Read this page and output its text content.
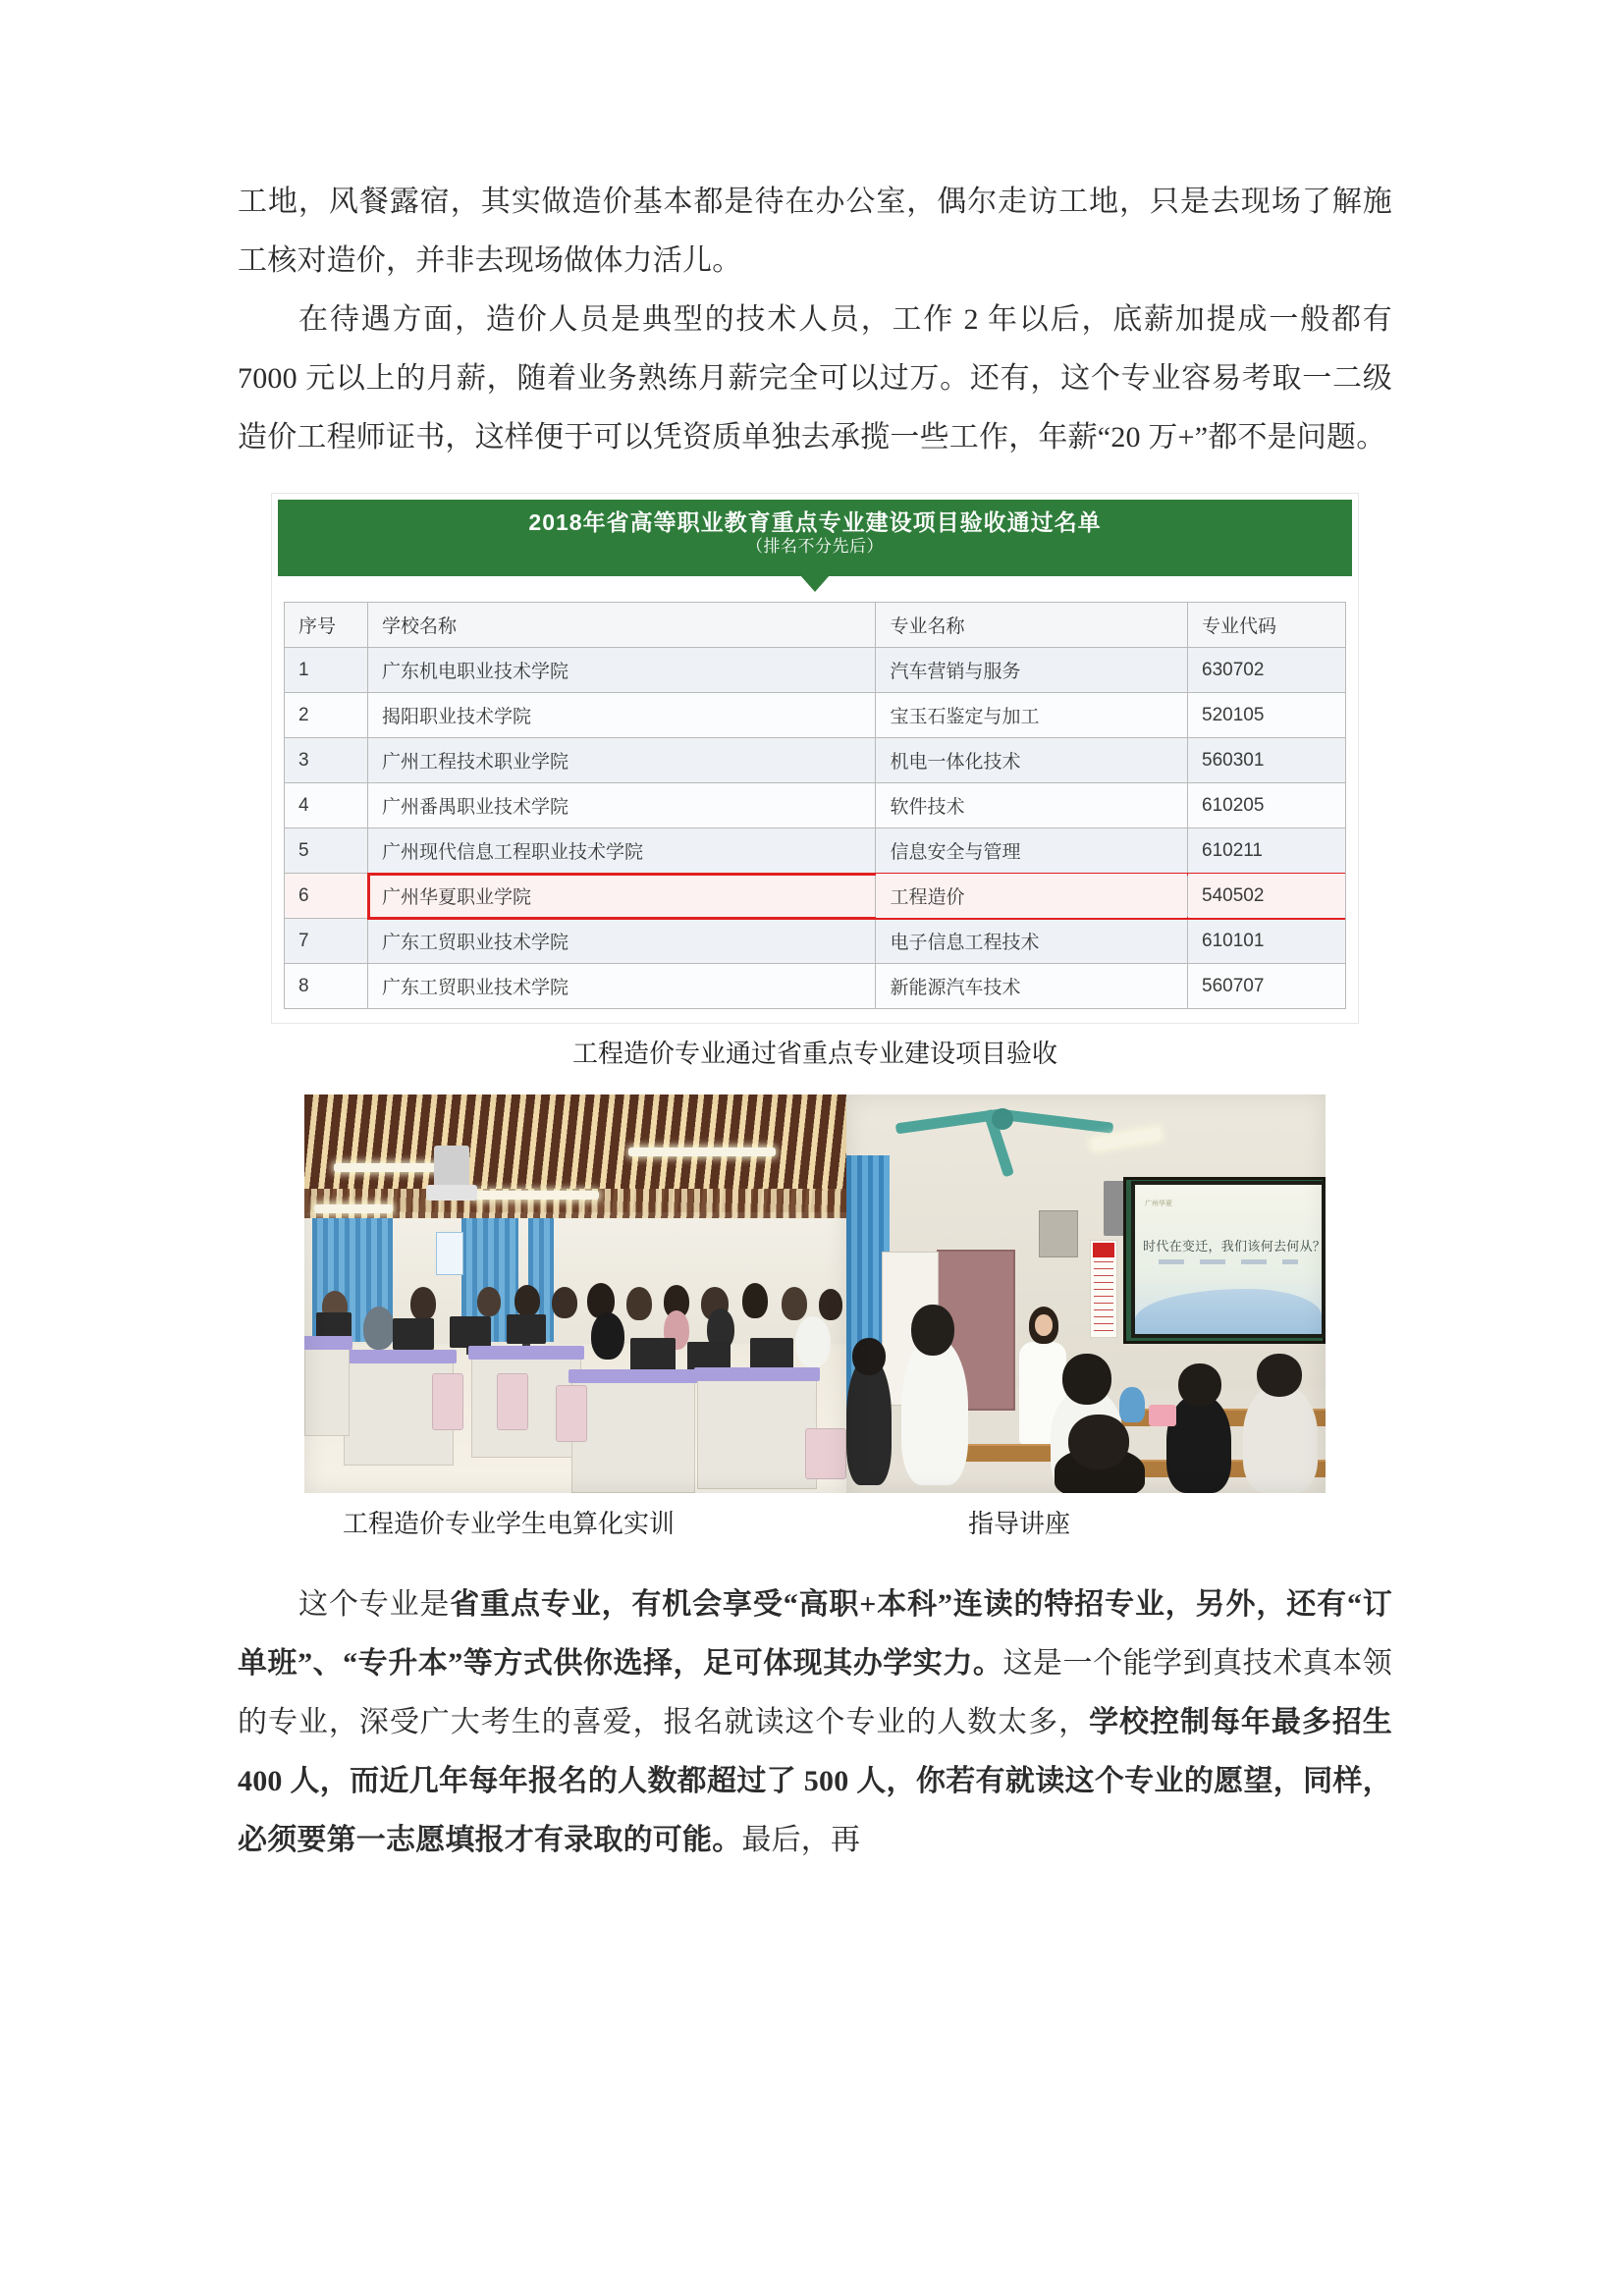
工地，风餐露宿，其实做造价基本都是待在办公室，偶尔走访工地，只是去现场了解施工核对造价，并非去现场做体力活儿。

在待遇方面，造价人员是典型的技术人员，工作 2 年以后，底薪加提成一般都有 7000 元以上的月薪，随着业务熟练月薪完全可以过万。还有，这个专业容易考取一二级造价工程师证书，这样便于可以凭资质单独去承揽一些工作，年薪“20 万+”都不是问题。

2018年省高等职业教育重点专业建设项目验收通过名单
（排名不分先后）
序号	学校名称	专业名称	专业代码
1	广东机电职业技术学院	汽车营销与服务	630702
2	揭阳职业技术学院	宝玉石鉴定与加工	520105
3	广州工程技术职业学院	机电一体化技术	560301
4	广州番禺职业技术学院	软件技术	610205
5	广州现代信息工程职业技术学院	信息安全与管理	610211
6	广州华夏职业学院	工程造价	540502
7	广东工贸职业技术学院	电子信息工程技术	610101
8	广东工贸职业技术学院	新能源汽车技术	560707

工程造价专业通过省重点专业建设项目验收

广州华夏
时代在变迁，我们该何去何从？
工程造价专业学生电算化实训	指导讲座

这个专业是省重点专业，有机会享受“高职+本科”连读的特招专业，另外，还有“订单班”、“专升本”等方式供你选择，足可体现其办学实力。这是一个能学到真技术真本领的专业，深受广大考生的喜爱，报名就读这个专业的人数太多，学校控制每年最多招生 400 人，而近几年每年报名的人数都超过了 500 人，你若有就读这个专业的愿望，同样，必须要第一志愿填报才有录取的可能。最后，再
